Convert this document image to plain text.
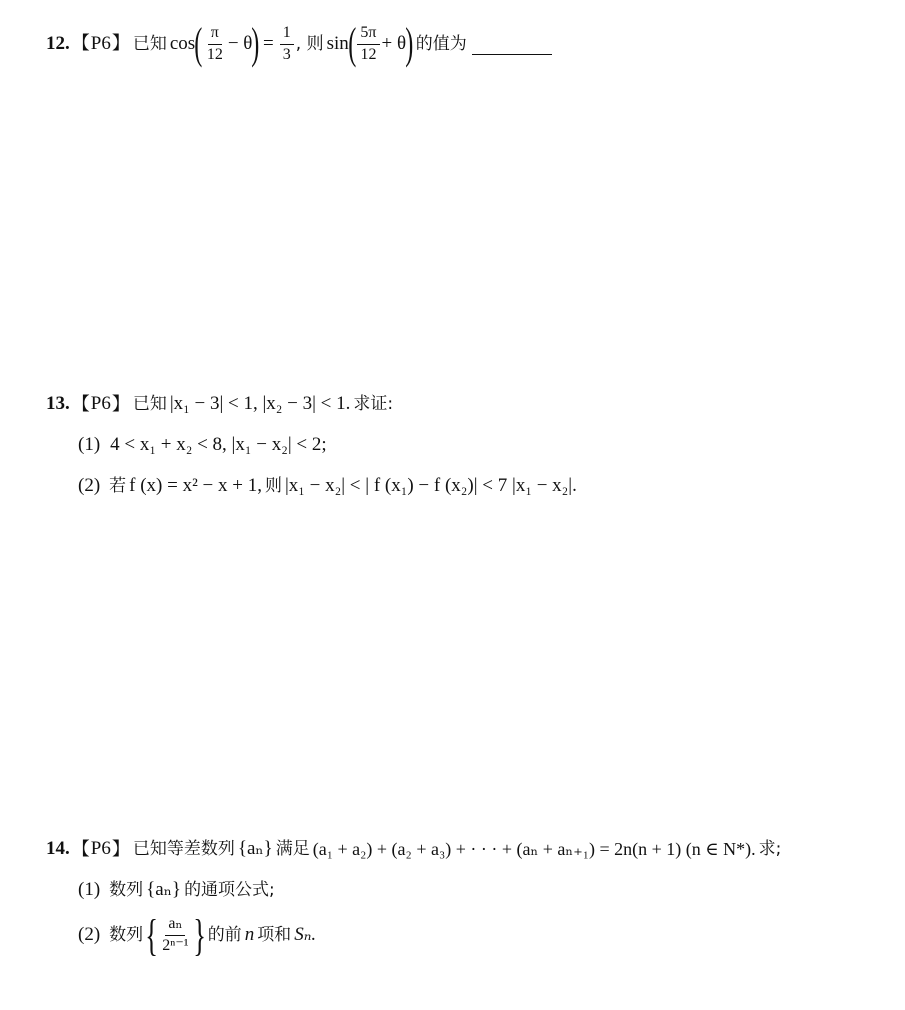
12. 【 P6 】 已知 cos ( $\frac{\pi}{12} - \theta$ ) = $\frac{1}{3}$ , 则 sin ( $\frac{5\pi}{12} + \theta$ ) 的值为
13. 【 P6 】 已知 |x₁ − 3| < 1, |x₂ − 3| < 1. 求证:
(1) 4 < x₁ + x₂ < 8, |x₁ − x₂| < 2;
(2) 若 f (x) = x² − x + 1, 则 |x₁ − x₂| < | f (x₁) − f (x₂)| < 7 |x₁ − x₂|.
14. 【 P6 】 已知等差数列 {aₙ} 满足 (a₁ + a₂) + (a₂ + a₃) + · · · + (aₙ + aₙ₊₁) = 2n(n + 1) (n ∈ N*). 求;
(1) 数列 {aₙ} 的通项公式;
(2) 数列 { $\frac{\text{aₙ}}{\text{2ⁿ⁻¹}}$ } 的前 n 项和 Sₙ.
